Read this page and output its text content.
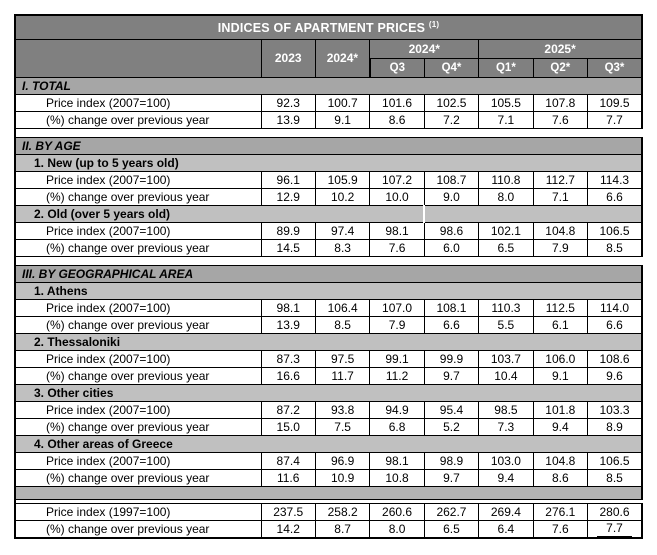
INDICES OF APARTMENT PRICES $^{(1)}$
	2023	2024*	2024*		2025*		
			Q3	Q4*	Q1*	Q2*	Q3*
I. TOTAL							
Price index (2007=100)	92.3	100.7	101.6	102.5	105.5	107.8	109.5
(%) change over previous year	13.9	9.1	8.6	7.2	7.1	7.6	7.7

II. BY AGE							
1. New (up to 5 years old)							
Price index (2007=100)	96.1	105.9	107.2	108.7	110.8	112.7	114.3
(%) change over previous year	12.9	10.2	10.0	9.0	8.0	7.1	6.6
2. Old (over 5 years old)							
Price index (2007=100)	89.9	97.4	98.1	98.6	102.1	104.8	106.5
(%) change over previous year	14.5	8.3	7.6	6.0	6.5	7.9	8.5

III. BY GEOGRAPHICAL AREA							
1. Athens							
Price index (2007=100)	98.1	106.4	107.0	108.1	110.3	112.5	114.0
(%) change over previous year	13.9	8.5	7.9	6.6	5.5	6.1	6.6
2. Thessaloniki							
Price index (2007=100)	87.3	97.5	99.1	99.9	103.7	106.0	108.6
(%) change over previous year	16.6	11.7	11.2	9.7	10.4	9.1	9.6
3. Other cities							
Price index (2007=100)	87.2	93.8	94.9	95.4	98.5	101.8	103.3
(%) change over previous year	15.0	7.5	6.8	5.2	7.3	9.4	8.9
4. Other areas of Greece							
Price index (2007=100)	87.4	96.9	98.1	98.9	103.0	104.8	106.5
(%) change over previous year	11.6	10.9	10.8	9.7	9.4	8.6	8.5

Price index (1997=100)	237.5	258.2	260.6	262.7	269.4	276.1	280.6
(%) change over previous year	14.2	8.7	8.0	6.5	6.4	7.6	7.7
